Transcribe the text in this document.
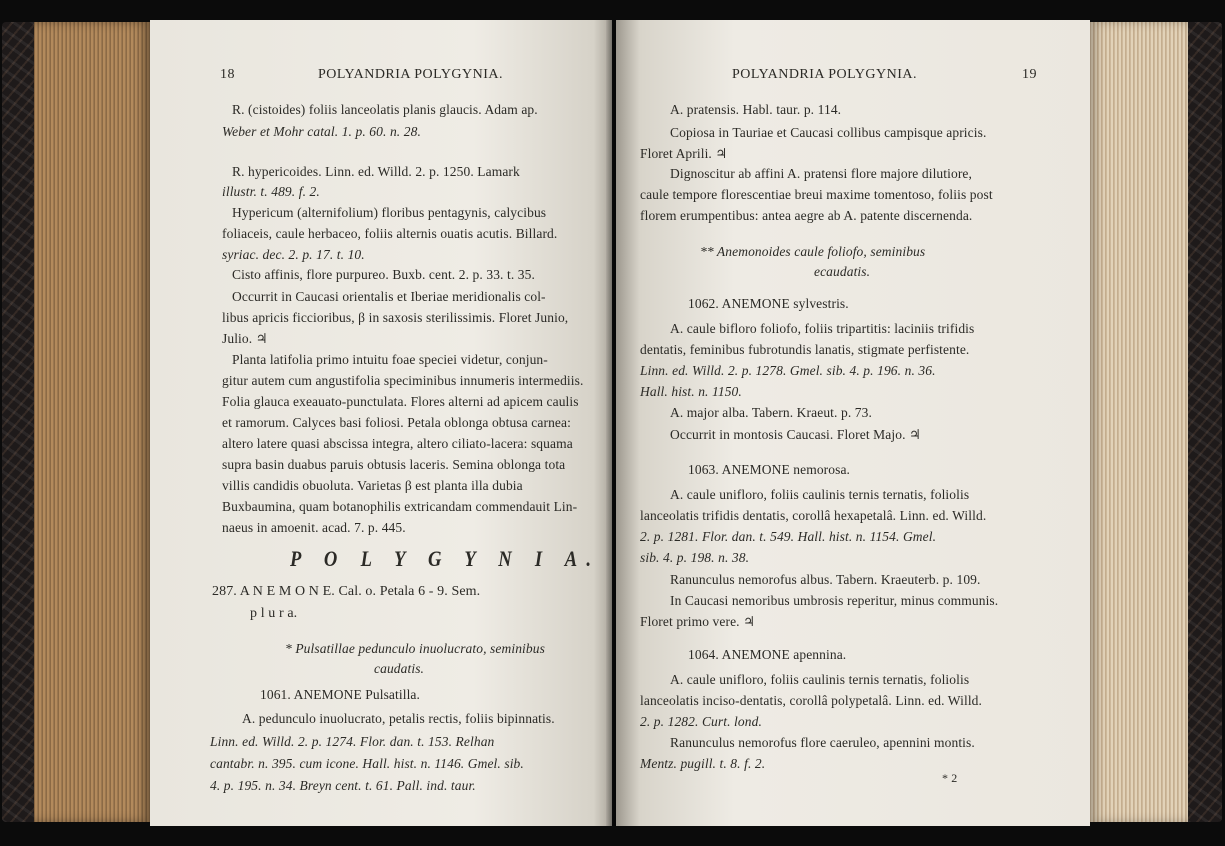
18	POLYANDRIA POLYGYNIA.
R. (cistoides) foliis lanceolatis planis glaucis. Adam ap.
Weber et Mohr catal. 1. p. 60. n. 28.
R. hypericoides. Linn. ed. Willd. 2. p. 1250. Lamark
illustr. t. 489. f. 2.
Hypericum (alternifolium) floribus pentagynis, calycibus
foliaceis, caule herbaceo, foliis alternis ouatis acutis. Billard.
syriac. dec. 2. p. 17. t. 10.
Cisto affinis, flore purpureo. Buxb. cent. 2. p. 33. t. 35.
Occurrit in Caucasi orientalis et Iberiae meridionalis col-
libus apricis ficcioribus, β in saxosis sterilissimis. Floret Junio,
Julio. ♃
Planta latifolia primo intuitu foae speciei videtur, conjun-
gitur autem cum angustifolia speciminibus innumeris intermediis.
Folia glauca exeauato-punctulata. Flores alterni ad apicem caulis
et ramorum. Calyces basi foliosi. Petala oblonga obtusa carnea:
altero latere quasi abscissa integra, altero ciliato-lacera: squama
supra basin duabus paruis obtusis laceris. Semina oblonga tota
villis candidis obuoluta. Varietas β est planta illa dubia
Buxbaumina, quam botanophilis extricandam commendauit Lin-
naeus in amoenit. acad. 7. p. 445.
P O L Y G Y N I A.
287. A N E M O N E. Cal. o. Petala 6 - 9. Sem.
p l u r a.
* Pulsatillae pedunculo inuolucrato, seminibus
caudatis.
1061. ANEMONE Pulsatilla.
A. pedunculo inuolucrato, petalis rectis, foliis bipinnatis.
Linn. ed. Willd. 2. p. 1274. Flor. dan. t. 153. Relhan
cantabr. n. 395. cum icone. Hall. hist. n. 1146. Gmel. sib.
4. p. 195. n. 34. Breyn cent. t. 61. Pall. ind. taur.
POLYANDRIA POLYGYNIA.	19
A. pratensis. Habl. taur. p. 114.
Copiosa in Tauriae et Caucasi collibus campisque apricis.
Floret Aprili. ♃
Dignoscitur ab affini A. pratensi flore majore dilutiore,
caule tempore florescentiae breui maxime tomentoso, foliis post
florem erumpentibus: antea aegre ab A. patente discernenda.
** Anemonoides caule foliofo, seminibus
ecaudatis.
1062. ANEMONE sylvestris.
A. caule bifloro foliofo, foliis tripartitis: laciniis trifidis
dentatis, feminibus fubrotundis lanatis, stigmate perfistente.
Linn. ed. Willd. 2. p. 1278. Gmel. sib. 4. p. 196. n. 36.
Hall. hist. n. 1150.
A. major alba. Tabern. Kraeut. p. 73.
Occurrit in montosis Caucasi. Floret Majo. ♃
1063. ANEMONE nemorosa.
A. caule unifloro, foliis caulinis ternis ternatis, foliolis
lanceolatis trifidis dentatis, corollâ hexapetalâ. Linn. ed. Willd.
2. p. 1281. Flor. dan. t. 549. Hall. hist. n. 1154. Gmel.
sib. 4. p. 198. n. 38.
Ranunculus nemorofus albus. Tabern. Kraeuterb. p. 109.
In Caucasi nemoribus umbrosis reperitur, minus communis.
Floret primo vere. ♃
1064. ANEMONE apennina.
A. caule unifloro, foliis caulinis ternis ternatis, foliolis
lanceolatis inciso-dentatis, corollâ polypetalâ. Linn. ed. Willd.
2. p. 1282. Curt. lond.
Ranunculus nemorofus flore caeruleo, apennini montis.
Mentz. pugill. t. 8. f. 2.
* 2
